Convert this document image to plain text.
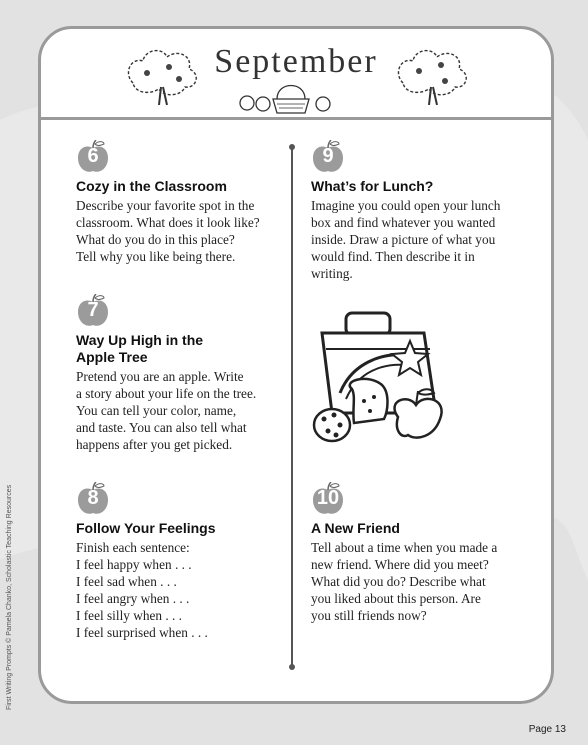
September
6
Cozy in the Classroom
Describe your favorite spot in the
classroom. What does it look like?
What do you do in this place?
Tell why you like being there.
7
Way Up High in the
Apple Tree
Pretend you are an apple. Write
a story about your life on the tree.
You can tell your color, name,
and taste. You can also tell what
happens after you get picked.
8
Follow Your Feelings
Finish each sentence:
I feel happy when . . .
I feel sad when . . .
I feel angry when . . .
I feel silly when . . .
I feel surprised when . . .
9
What’s for Lunch?
Imagine you could open your lunch
box and find whatever you wanted
inside. Draw a picture of what you
would find. Then describe it in
writing.
10
A New Friend
Tell about a time when you made a
new friend. Where did you meet?
What did you do? Describe what
you liked about this person. Are
you still friends now?
First Writing Prompts © Pamela Chanko, Scholastic Teaching Resources
Page 13
